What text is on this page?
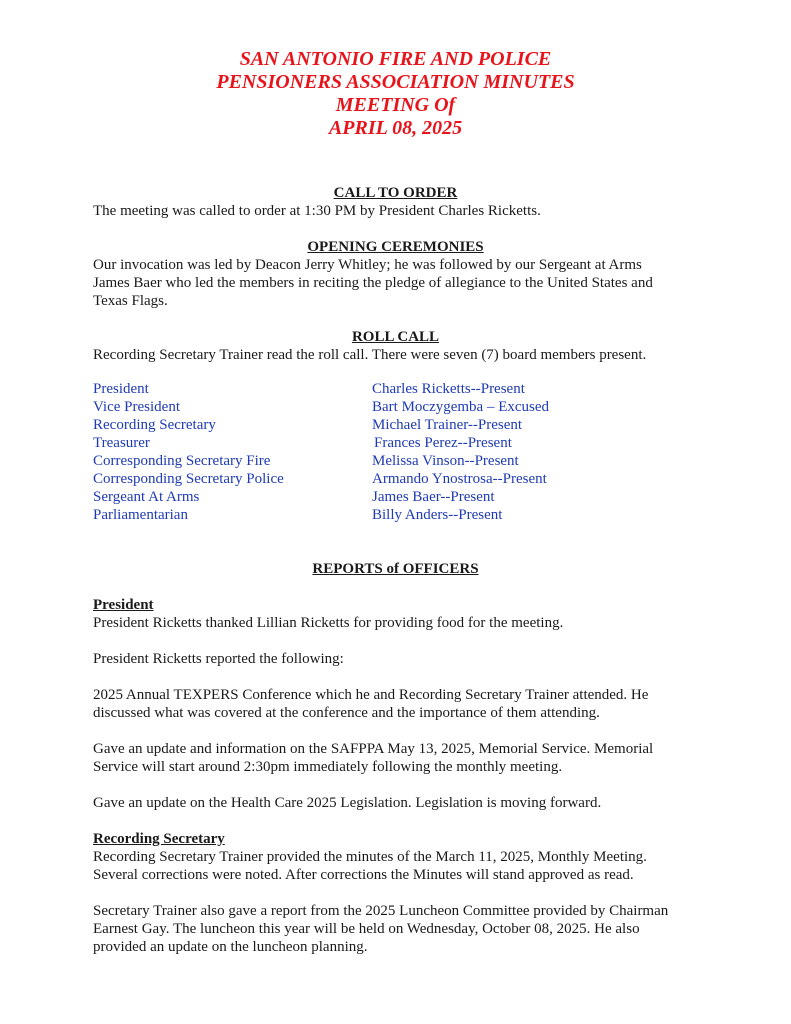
SAN ANTONIO FIRE AND POLICE
PENSIONERS ASSOCIATION MINUTES
MEETING Of
APRIL 08, 2025
CALL TO ORDER
The meeting was called to order at 1:30 PM by President Charles Ricketts.
OPENING CEREMONIES
Our invocation was led by Deacon Jerry Whitley; he was followed by our Sergeant at Arms
James Baer who led the members in reciting the pledge of allegiance to the United States and
Texas Flags.
ROLL CALL
Recording Secretary Trainer read the roll call. There were seven (7) board members present.
President	Charles Ricketts--Present
Vice President	Bart Moczygemba – Excused
Recording Secretary	Michael Trainer--Present
Treasurer	Frances Perez--Present
Corresponding Secretary Fire	Melissa Vinson--Present
Corresponding Secretary Police	Armando Ynostrosa--Present
Sergeant At Arms	James Baer--Present
Parliamentarian	Billy Anders--Present
REPORTS of OFFICERS
President
President Ricketts thanked Lillian Ricketts for providing food for the meeting.
President Ricketts reported the following:
2025 Annual TEXPERS Conference which he and Recording Secretary Trainer attended. He
discussed what was covered at the conference and the importance of them attending.
Gave an update and information on the SAFPPA May 13, 2025, Memorial Service. Memorial
Service will start around 2:30pm immediately following the monthly meeting.
Gave an update on the Health Care 2025 Legislation. Legislation is moving forward.
Recording Secretary
Recording Secretary Trainer provided the minutes of the March 11, 2025, Monthly Meeting.
Several corrections were noted. After corrections the Minutes will stand approved as read.
Secretary Trainer also gave a report from the 2025 Luncheon Committee provided by Chairman
Earnest Gay. The luncheon this year will be held on Wednesday, October 08, 2025. He also
provided an update on the luncheon planning.
